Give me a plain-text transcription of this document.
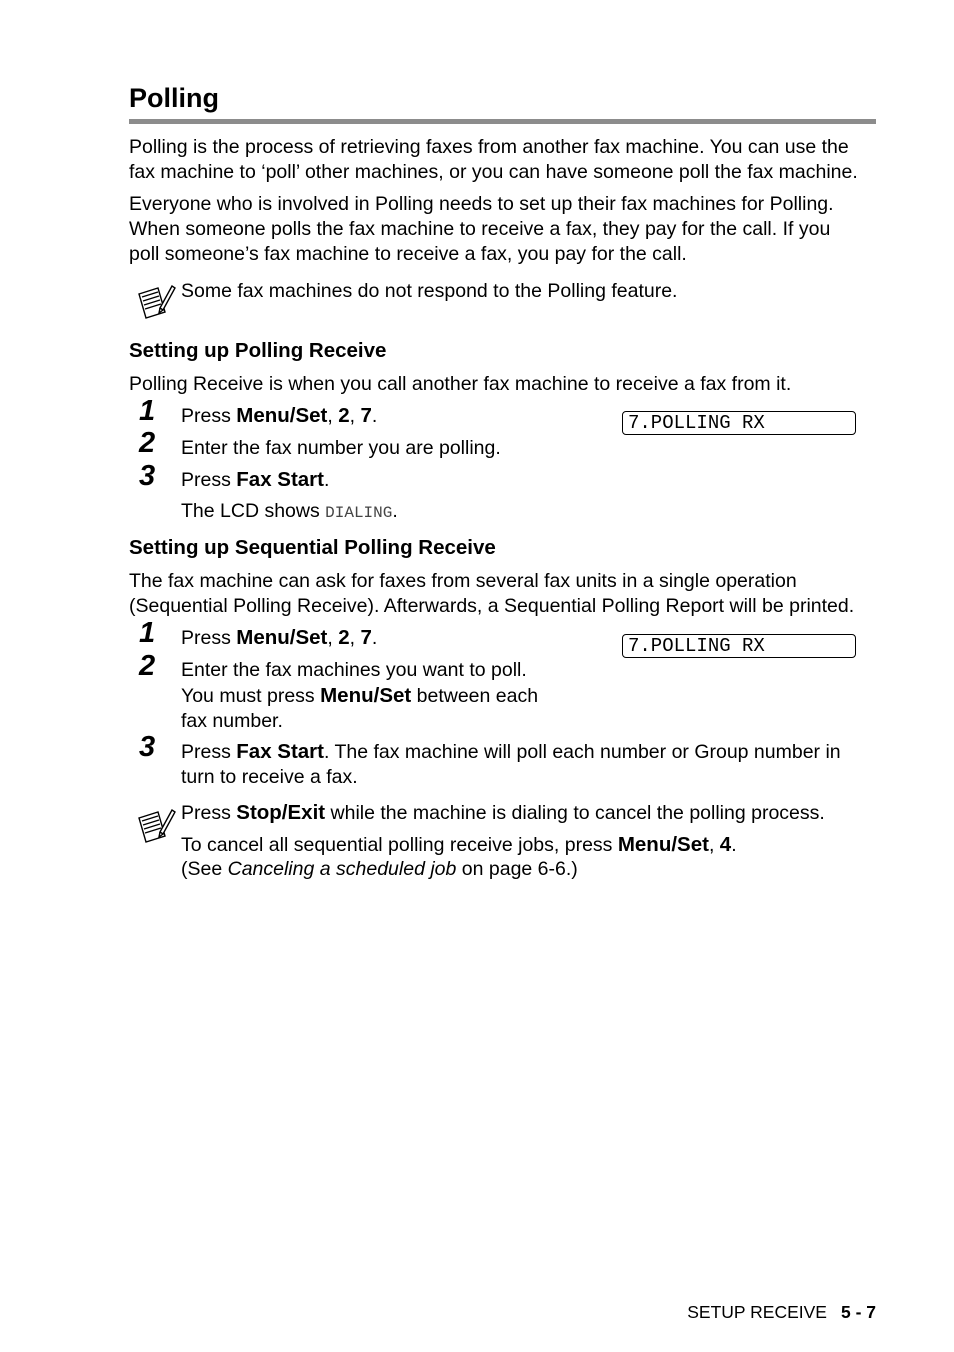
Polling
Polling is the process of retrieving faxes from another fax machine. You can use the
fax machine to ‘poll’ other machines, or you can have someone poll the fax machine.
Everyone who is involved in Polling needs to set up their fax machines for Polling.
When someone polls the fax machine to receive a fax, they pay for the call. If you
poll someone’s fax machine to receive a fax, you pay for the call.
Some fax machines do not respond to the Polling feature.
Setting up Polling Receive
Polling Receive is when you call another fax machine to receive a fax from it.
1 Press Menu/Set, 2, 7.	7.POLLING RX
2 Enter the fax number you are polling.
3 Press Fax Start.
The LCD shows DIALING.
Setting up Sequential Polling Receive
The fax machine can ask for faxes from several fax units in a single operation
(Sequential Polling Receive). Afterwards, a Sequential Polling Report will be printed.
1 Press Menu/Set, 2, 7.	7.POLLING RX
2 Enter the fax machines you want to poll.
You must press Menu/Set between each
fax number.
3 Press Fax Start. The fax machine will poll each number or Group number in
turn to receive a fax.
Press Stop/Exit while the machine is dialing to cancel the polling process.
To cancel all sequential polling receive jobs, press Menu/Set, 4.
(See Canceling a scheduled job on page 6-6.)
SETUP RECEIVE 5 - 7
